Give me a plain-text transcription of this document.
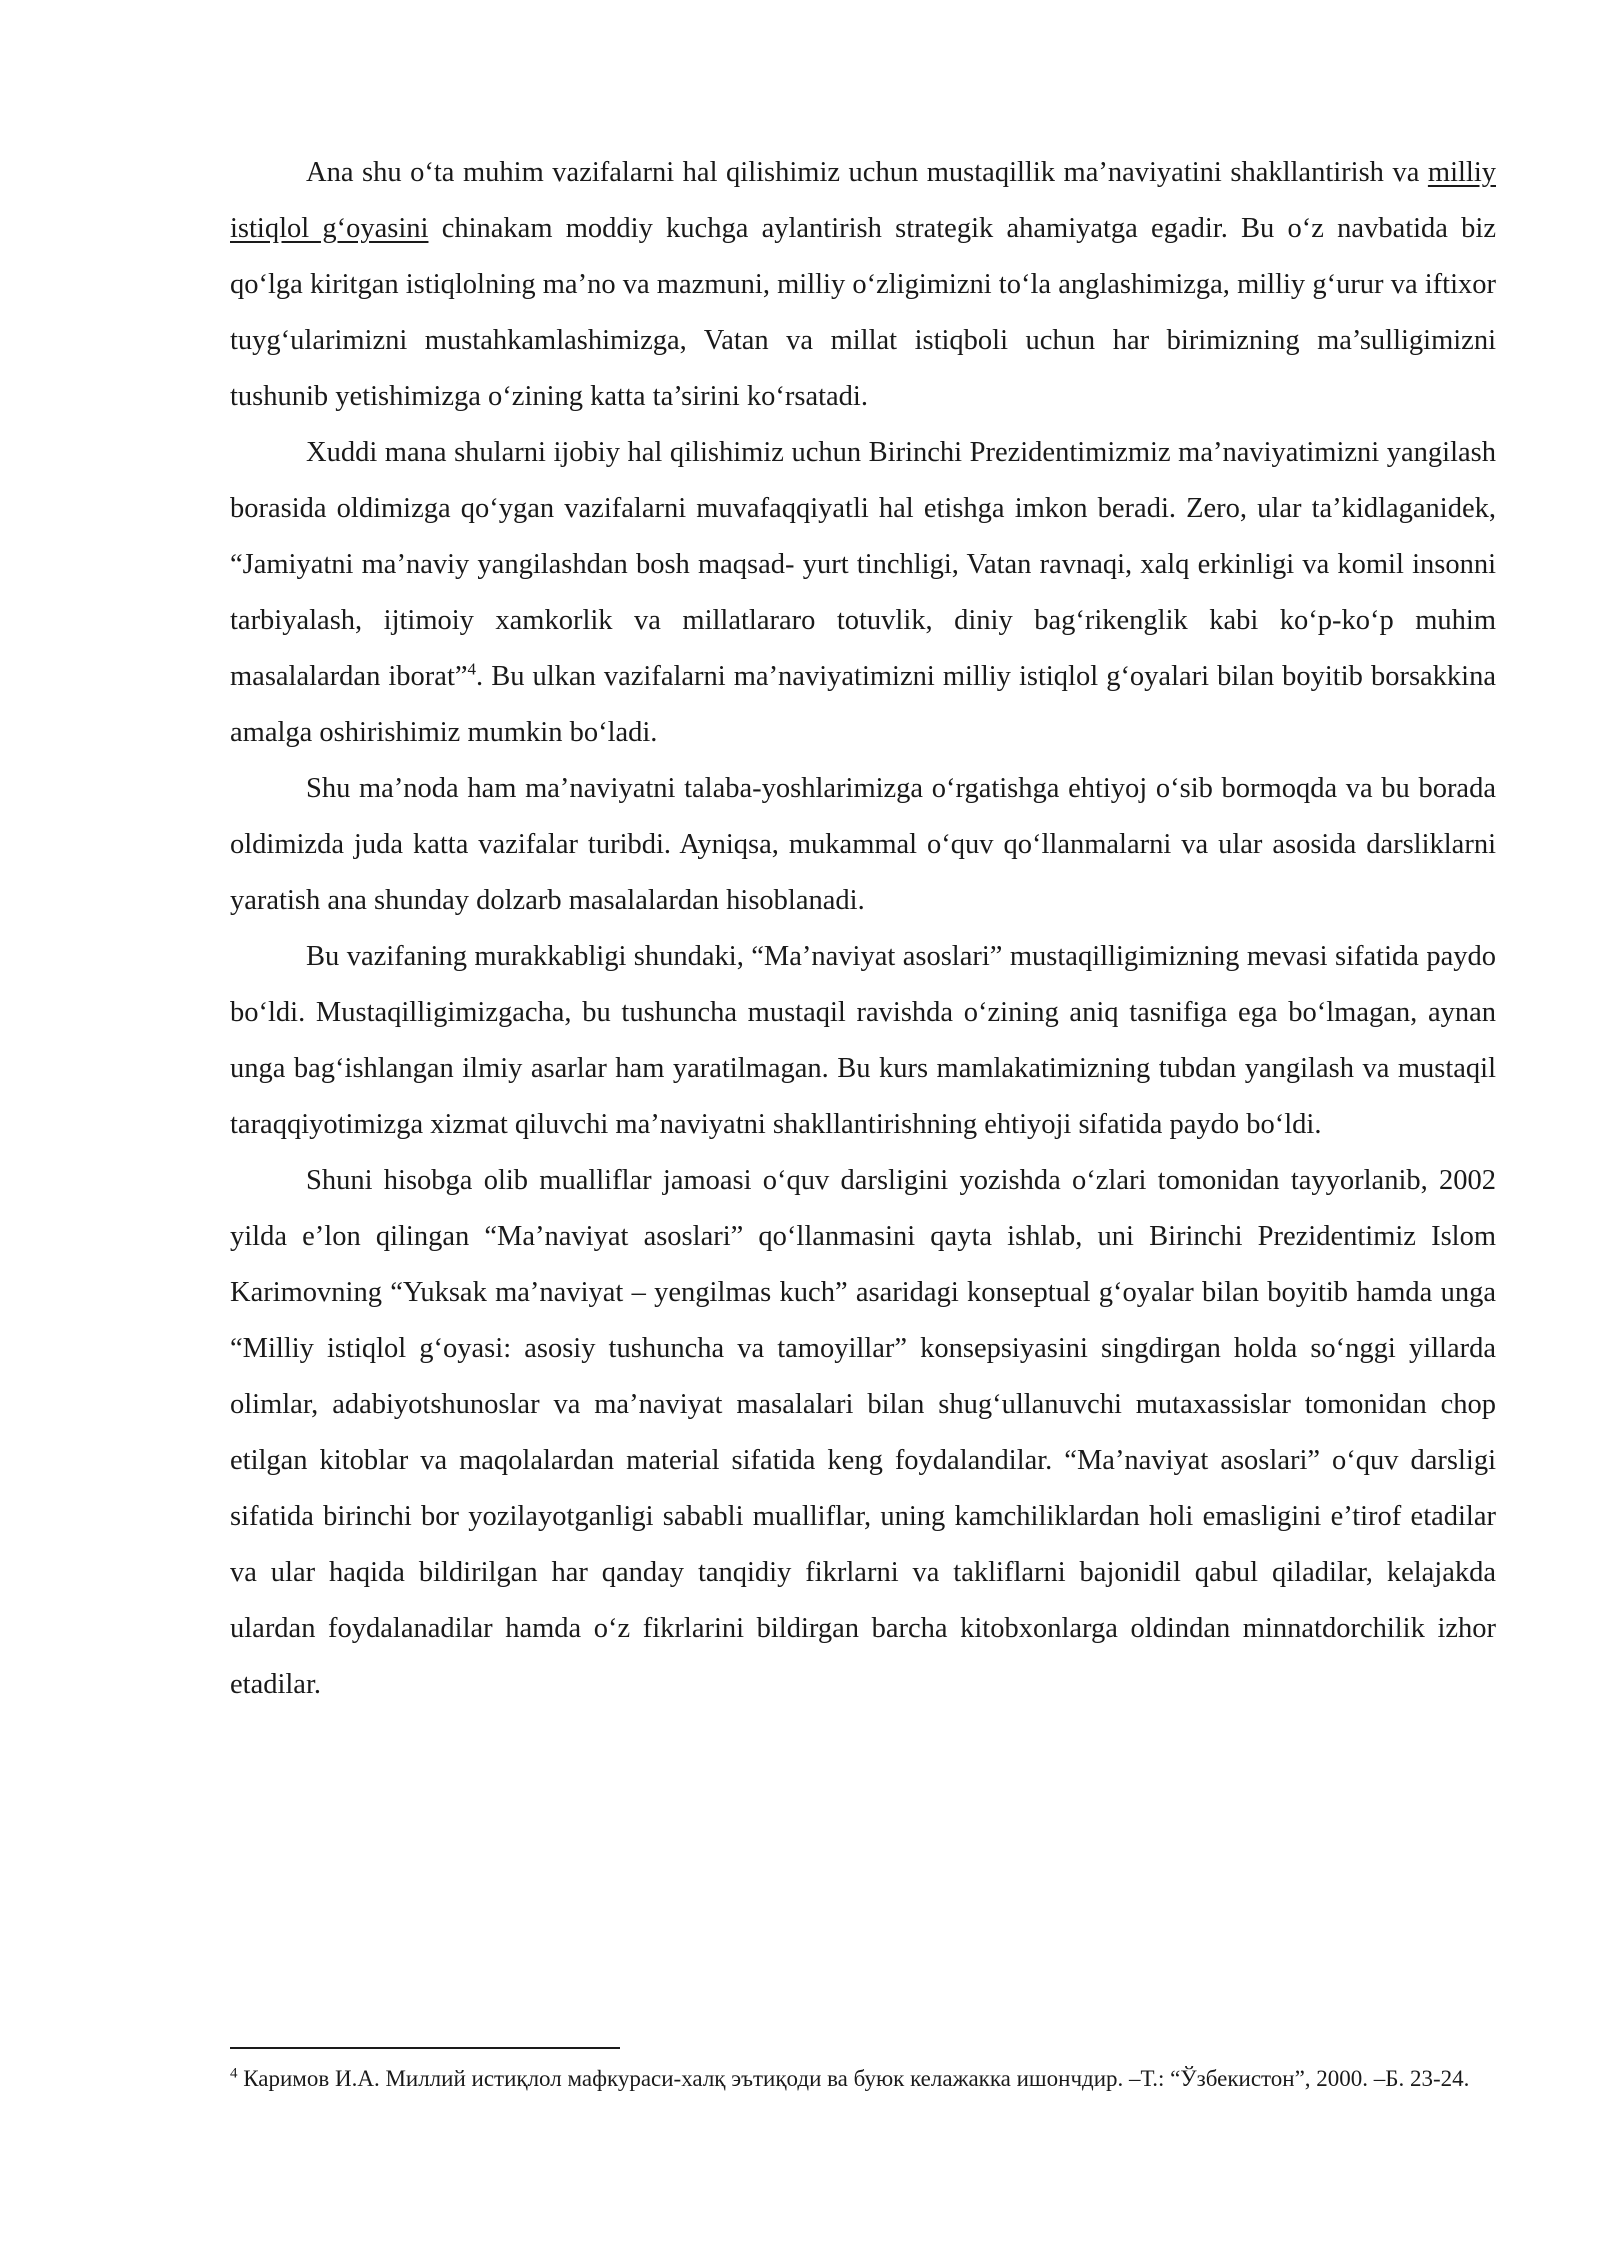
Ana shu o‘ta muhim vazifalarni hal qilishimiz uchun mustaqillik ma’naviyatini shakllantirish va milliy istiqlol g‘oyasini chinakam moddiy kuchga aylantirish strategik ahamiyatga egadir. Bu o‘z navbatida biz qo‘lga kiritgan istiqlolning ma’no va mazmuni, milliy o‘zligimizni to‘la anglashimizga, milliy g‘urur va iftixor tuyg‘ularimizni mustahkamlashimizga, Vatan va millat istiqboli uchun har birimizning ma’sulligimizni tushunib yetishimizga o‘zining katta ta’sirini ko‘rsatadi.

Xuddi mana shularni ijobiy hal qilishimiz uchun Birinchi Prezidentimizmiz ma’naviyatimizni yangilash borasida oldimizga qo‘ygan vazifalarni muvafaqqiyatli hal etishga imkon beradi. Zero, ular ta’kidlaganidek, “Jamiyatni ma’naviy yangilashdan bosh maqsad- yurt tinchligi, Vatan ravnaqi, xalq erkinligi va komil insonni tarbiyalash, ijtimoiy xamkorlik va millatlararo totuvlik, diniy bag‘rikenglik kabi ko‘p-ko‘p muhim masalalardan iborat”$^4$. Bu ulkan vazifalarni ma’naviyatimizni milliy istiqlol g‘oyalari bilan boyitib borsakkina amalga oshirishimiz mumkin bo‘ladi.

Shu ma’noda ham ma’naviyatni talaba-yoshlarimizga o‘rgatishga ehtiyoj o‘sib bormoqda va bu borada oldimizda juda katta vazifalar turibdi. Ayniqsa, mukammal o‘quv qo‘llanmalarni va ular asosida darsliklarni yaratish ana shunday dolzarb masalalardan hisoblanadi.

Bu vazifaning murakkabligi shundaki, “Ma’naviyat asoslari” mustaqilligimizning mevasi sifatida paydo bo‘ldi. Mustaqilligimizgacha, bu tushuncha mustaqil ravishda o‘zining aniq tasnifiga ega bo‘lmagan, aynan unga bag‘ishlangan ilmiy asarlar ham yaratilmagan. Bu kurs mamlakatimizning tubdan yangilash va mustaqil taraqqiyotimizga xizmat qiluvchi ma’naviyatni shakllantirishning ehtiyoji sifatida paydo bo‘ldi.

Shuni hisobga olib mualliflar jamoasi o‘quv darsligini yozishda o‘zlari tomonidan tayyorlanib, 2002 yilda e’lon qilingan “Ma’naviyat asoslari” qo‘llanmasini qayta ishlab, uni Birinchi Prezidentimiz Islom Karimovning “Yuksak ma’naviyat – yengilmas kuch” asaridagi konseptual g‘oyalar bilan boyitib hamda unga “Milliy istiqlol g‘oyasi: asosiy tushuncha va tamoyillar” konsepsiyasini singdirgan holda so‘nggi yillarda olimlar, adabiyotshunoslar va ma’naviyat masalalari bilan shug‘ullanuvchi mutaxassislar tomonidan chop etilgan kitoblar va maqolalardan material sifatida keng foydalandilar. “Ma’naviyat asoslari” o‘quv darsligi sifatida birinchi bor yozilayotganligi sababli mualliflar, uning kamchiliklardan holi emasligini e’tirof etadilar va ular haqida bildirilgan har qanday tanqidiy fikrlarni va takliflarni bajonidil qabul qiladilar, kelajakda ulardan foydalanadilar hamda o‘z fikrlarini bildirgan barcha kitobxonlarga oldindan minnatdorchilik izhor etadilar.

$^4$ Каримов И.А. Миллий истиқлол мафкураси-халқ эътиқоди ва буюк келажакка ишончдир. –Т.: “Ўзбекистон”, 2000. –Б. 23-24.
